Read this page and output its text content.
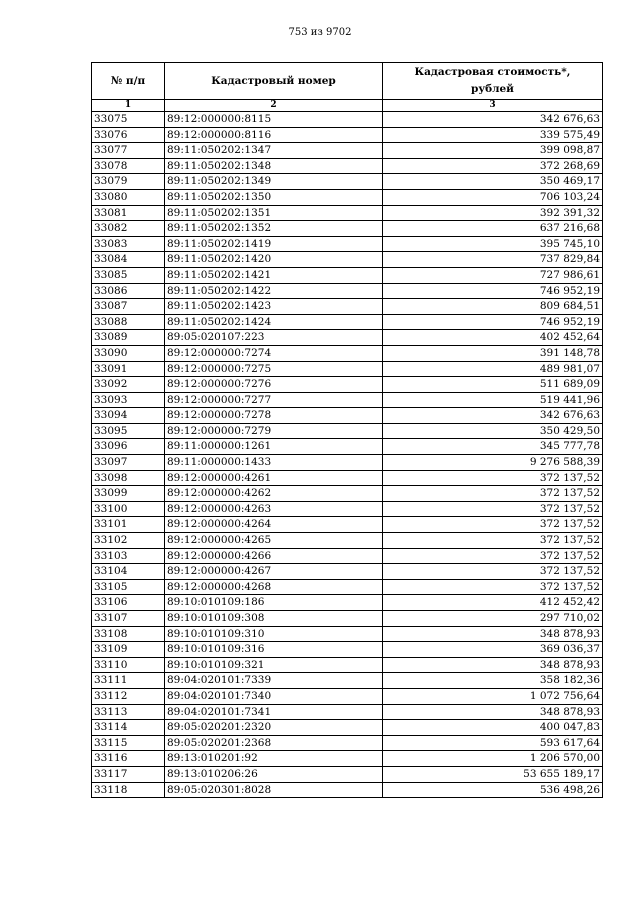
753 из 9702
№ п/п	Кадастровый номер	Кадастровая стоимость*,
рублей
1	2	3
33075	89:12:000000:8115	342 676,63
33076	89:12:000000:8116	339 575,49
33077	89:11:050202:1347	399 098,87
33078	89:11:050202:1348	372 268,69
33079	89:11:050202:1349	350 469,17
33080	89:11:050202:1350	706 103,24
33081	89:11:050202:1351	392 391,32
33082	89:11:050202:1352	637 216,68
33083	89:11:050202:1419	395 745,10
33084	89:11:050202:1420	737 829,84
33085	89:11:050202:1421	727 986,61
33086	89:11:050202:1422	746 952,19
33087	89:11:050202:1423	809 684,51
33088	89:11:050202:1424	746 952,19
33089	89:05:020107:223	402 452,64
33090	89:12:000000:7274	391 148,78
33091	89:12:000000:7275	489 981,07
33092	89:12:000000:7276	511 689,09
33093	89:12:000000:7277	519 441,96
33094	89:12:000000:7278	342 676,63
33095	89:12:000000:7279	350 429,50
33096	89:11:000000:1261	345 777,78
33097	89:11:000000:1433	9 276 588,39
33098	89:12:000000:4261	372 137,52
33099	89:12:000000:4262	372 137,52
33100	89:12:000000:4263	372 137,52
33101	89:12:000000:4264	372 137,52
33102	89:12:000000:4265	372 137,52
33103	89:12:000000:4266	372 137,52
33104	89:12:000000:4267	372 137,52
33105	89:12:000000:4268	372 137,52
33106	89:10:010109:186	412 452,42
33107	89:10:010109:308	297 710,02
33108	89:10:010109:310	348 878,93
33109	89:10:010109:316	369 036,37
33110	89:10:010109:321	348 878,93
33111	89:04:020101:7339	358 182,36
33112	89:04:020101:7340	1 072 756,64
33113	89:04:020101:7341	348 878,93
33114	89:05:020201:2320	400 047,83
33115	89:05:020201:2368	593 617,64
33116	89:13:010201:92	1 206 570,00
33117	89:13:010206:26	53 655 189,17
33118	89:05:020301:8028	536 498,26
